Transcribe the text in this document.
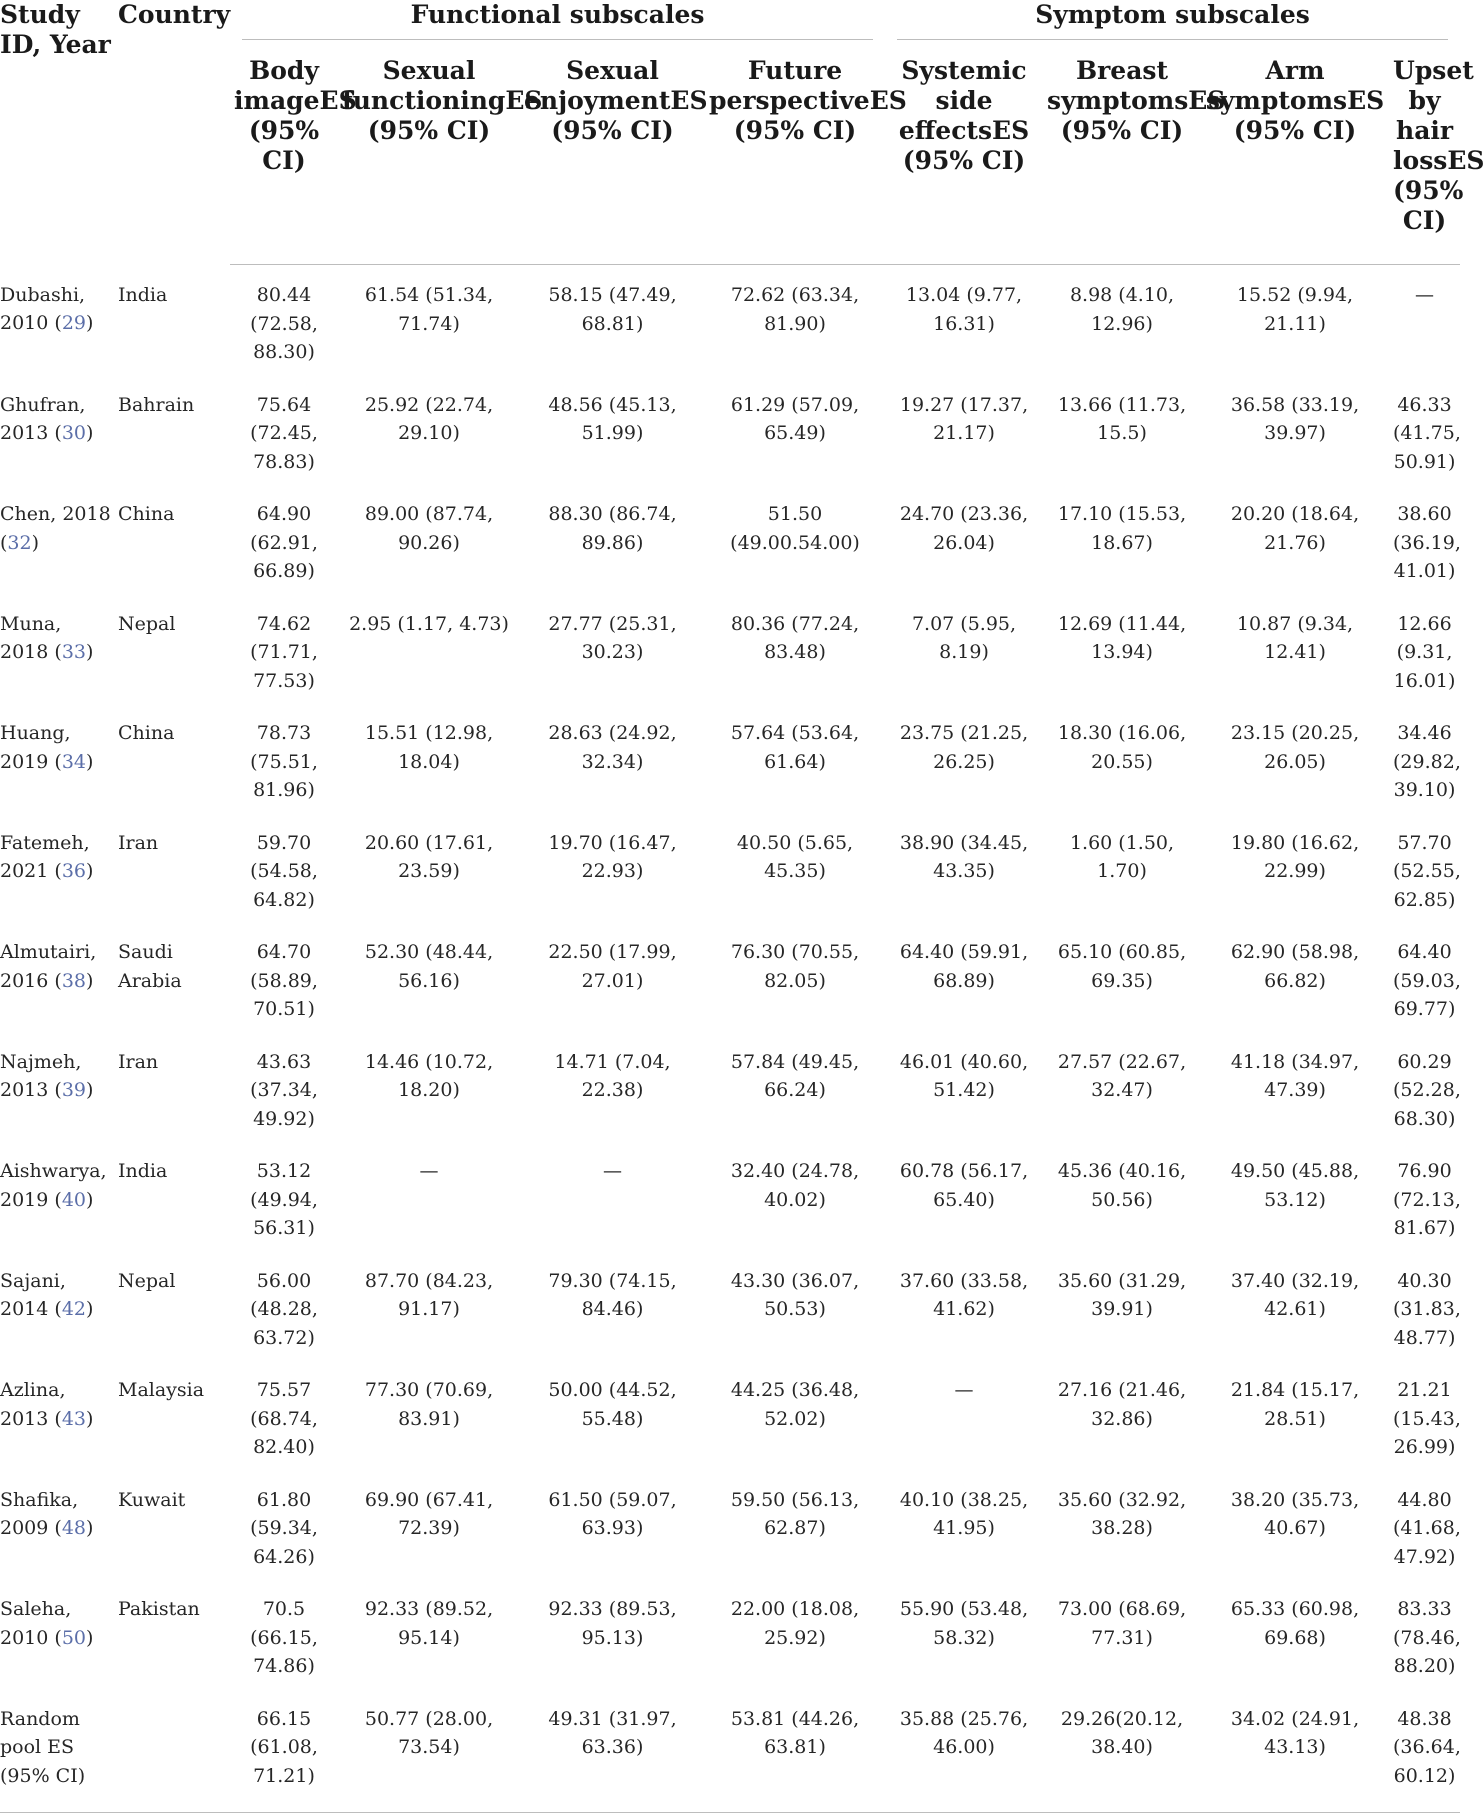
Study ID, Year	Country	Functional subscales				Symptom subscales			

		Body imageES (95% CI)	Sexual functioningES (95% CI)	Sexual enjoymentES (95% CI)	Future perspectiveES (95% CI)	Systemic side effectsES (95% CI)	Breast symptomsES (95% CI)	Arm symptomsES (95% CI)	Upset by hair lossES (95% CI)
Dubashi, 2010 (29)	India	80.44 (72.58, 88.30)	61.54 (51.34, 71.74)	58.15 (47.49, 68.81)	72.62 (63.34, 81.90)	13.04 (9.77, 16.31)	8.98 (4.10, 12.96)	15.52 (9.94, 21.11)	—
Ghufran, 2013 (30)	Bahrain	75.64 (72.45, 78.83)	25.92 (22.74, 29.10)	48.56 (45.13, 51.99)	61.29 (57.09, 65.49)	19.27 (17.37, 21.17)	13.66 (11.73, 15.5)	36.58 (33.19, 39.97)	46.33 (41.75, 50.91)
Chen, 2018 (32)	China	64.90 (62.91, 66.89)	89.00 (87.74, 90.26)	88.30 (86.74, 89.86)	51.50 (49.00.54.00)	24.70 (23.36, 26.04)	17.10 (15.53, 18.67)	20.20 (18.64, 21.76)	38.60 (36.19, 41.01)
Muna, 2018 (33)	Nepal	74.62 (71.71, 77.53)	2.95 (1.17, 4.73)	27.77 (25.31, 30.23)	80.36 (77.24, 83.48)	7.07 (5.95, 8.19)	12.69 (11.44, 13.94)	10.87 (9.34, 12.41)	12.66 (9.31, 16.01)
Huang, 2019 (34)	China	78.73 (75.51, 81.96)	15.51 (12.98, 18.04)	28.63 (24.92, 32.34)	57.64 (53.64, 61.64)	23.75 (21.25, 26.25)	18.30 (16.06, 20.55)	23.15 (20.25, 26.05)	34.46 (29.82, 39.10)
Fatemeh, 2021 (36)	Iran	59.70 (54.58, 64.82)	20.60 (17.61, 23.59)	19.70 (16.47, 22.93)	40.50 (5.65, 45.35)	38.90 (34.45, 43.35)	1.60 (1.50, 1.70)	19.80 (16.62, 22.99)	57.70 (52.55, 62.85)
Almutairi, 2016 (38)	Saudi Arabia	64.70 (58.89, 70.51)	52.30 (48.44, 56.16)	22.50 (17.99, 27.01)	76.30 (70.55, 82.05)	64.40 (59.91, 68.89)	65.10 (60.85, 69.35)	62.90 (58.98, 66.82)	64.40 (59.03, 69.77)
Najmeh, 2013 (39)	Iran	43.63 (37.34, 49.92)	14.46 (10.72, 18.20)	14.71 (7.04, 22.38)	57.84 (49.45, 66.24)	46.01 (40.60, 51.42)	27.57 (22.67, 32.47)	41.18 (34.97, 47.39)	60.29 (52.28, 68.30)
Aishwarya, 2019 (40)	India	53.12 (49.94, 56.31)	—	—	32.40 (24.78, 40.02)	60.78 (56.17, 65.40)	45.36 (40.16, 50.56)	49.50 (45.88, 53.12)	76.90 (72.13, 81.67)
Sajani, 2014 (42)	Nepal	56.00 (48.28, 63.72)	87.70 (84.23, 91.17)	79.30 (74.15, 84.46)	43.30 (36.07, 50.53)	37.60 (33.58, 41.62)	35.60 (31.29, 39.91)	37.40 (32.19, 42.61)	40.30 (31.83, 48.77)
Azlina, 2013 (43)	Malaysia	75.57 (68.74, 82.40)	77.30 (70.69, 83.91)	50.00 (44.52, 55.48)	44.25 (36.48, 52.02)	—	27.16 (21.46, 32.86)	21.84 (15.17, 28.51)	21.21 (15.43, 26.99)
Shafika, 2009 (48)	Kuwait	61.80 (59.34, 64.26)	69.90 (67.41, 72.39)	61.50 (59.07, 63.93)	59.50 (56.13, 62.87)	40.10 (38.25, 41.95)	35.60 (32.92, 38.28)	38.20 (35.73, 40.67)	44.80 (41.68, 47.92)
Saleha, 2010 (50)	Pakistan	70.5 (66.15, 74.86)	92.33 (89.52, 95.14)	92.33 (89.53, 95.13)	22.00 (18.08, 25.92)	55.90 (53.48, 58.32)	73.00 (68.69, 77.31)	65.33 (60.98, 69.68)	83.33 (78.46, 88.20)
Random pool ES (95% CI)		66.15 (61.08, 71.21)	50.77 (28.00, 73.54)	49.31 (31.97, 63.36)	53.81 (44.26, 63.81)	35.88 (25.76, 46.00)	29.26(20.12, 38.40)	34.02 (24.91, 43.13)	48.38 (36.64, 60.12)
